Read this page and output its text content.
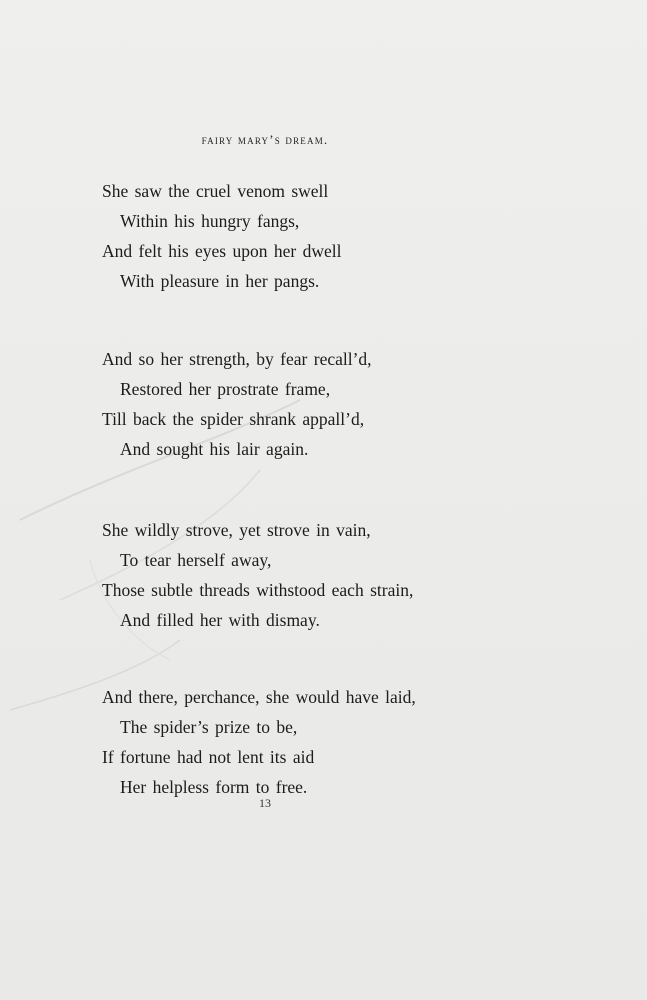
fairy mary’s dream.
She saw the cruel venom swell
Within his hungry fangs,
And felt his eyes upon her dwell
With pleasure in her pangs.
And so her strength, by fear recall’d,
Restored her prostrate frame,
Till back the spider shrank appall’d,
And sought his lair again.
She wildly strove, yet strove in vain,
To tear herself away,
Those subtle threads withstood each strain,
And filled her with dismay.
And there, perchance, she would have laid,
The spider’s prize to be,
If fortune had not lent its aid
Her helpless form to free.
13
